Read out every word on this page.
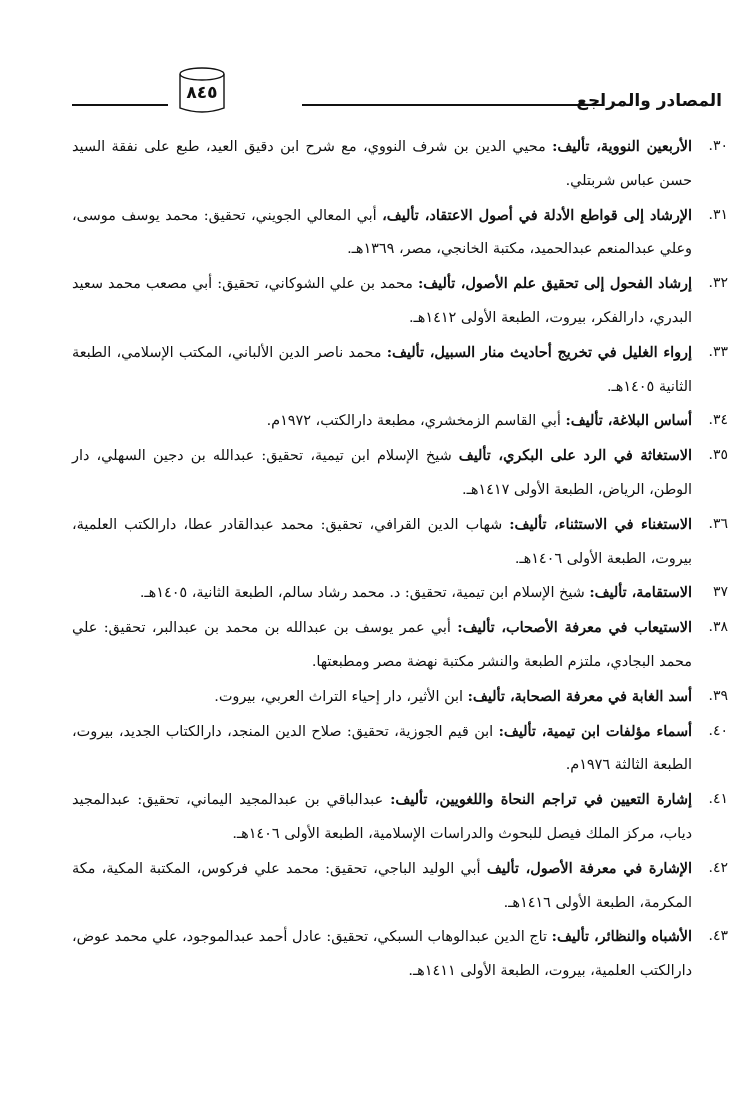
المصادر والمراجع
٨٤٥
٣٠.
الأربعين النووية، تأليف: محيي الدين بن شرف النووي، مع شرح ابن دقيق العيد، طبع على نفقة السيد حسن عباس شربتلي.
٣١.
الإرشاد إلى قواطع الأدلة في أصول الاعتقاد، تأليف، أبي المعالي الجويني، تحقيق: محمد يوسف موسى، وعلي عبدالمنعم عبدالحميد، مكتبة الخانجي، مصر، ١٣٦٩هـ.
٣٢.
إرشاد الفحول إلى تحقيق علم الأصول، تأليف: محمد بن علي الشوكاني، تحقيق: أبي مصعب محمد سعيد البدري، دارالفكر، بيروت، الطبعة الأولى ١٤١٢هـ.
٣٣.
إرواء الغليل في تخريج أحاديث منار السبيل، تأليف: محمد ناصر الدين الألباني، المكتب الإسلامي، الطبعة الثانية ١٤٠٥هـ.
٣٤.
أساس البلاغة، تأليف: أبي القاسم الزمخشري، مطبعة دارالكتب، ١٩٧٢م.
٣٥.
الاستغاثة في الرد على البكري، تأليف شيخ الإسلام ابن تيمية، تحقيق: عبدالله بن دجين السهلي، دار الوطن، الرياض، الطبعة الأولى ١٤١٧هـ.
٣٦.
الاستغناء في الاستثناء، تأليف: شهاب الدين القرافي، تحقيق: محمد عبدالقادر عطا، دارالكتب العلمية، بيروت، الطبعة الأولى ١٤٠٦هـ.
٣٧
الاستقامة، تأليف: شيخ الإسلام ابن تيمية، تحقيق: د. محمد رشاد سالم، الطبعة الثانية، ١٤٠٥هـ.
٣٨.
الاستيعاب في معرفة الأصحاب، تأليف: أبي عمر يوسف بن عبدالله بن محمد بن عبدالبر، تحقيق: علي محمد البجادي، ملتزم الطبعة والنشر مكتبة نهضة مصر ومطبعتها.
٣٩.
أسد الغابة في معرفة الصحابة، تأليف: ابن الأثير، دار إحياء التراث العربي، بيروت.
٤٠.
أسماء مؤلفات ابن تيمية، تأليف: ابن قيم الجوزية، تحقيق: صلاح الدين المنجد، دارالكتاب الجديد، بيروت، الطبعة الثالثة ١٩٧٦م.
٤١.
إشارة التعيين في تراجم النحاة واللغويين، تأليف: عبدالباقي بن عبدالمجيد اليماني، تحقيق: عبدالمجيد دياب، مركز الملك فيصل للبحوث والدراسات الإسلامية، الطبعة الأولى ١٤٠٦هـ.
٤٢.
الإشارة في معرفة الأصول، تأليف أبي الوليد الباجي، تحقيق: محمد علي فركوس، المكتبة المكية، مكة المكرمة، الطبعة الأولى ١٤١٦هـ.
٤٣.
الأشباه والنظائر، تأليف: تاج الدين عبدالوهاب السبكي، تحقيق: عادل أحمد عبدالموجود، علي محمد عوض، دارالكتب العلمية، بيروت، الطبعة الأولى ١٤١١هـ.
